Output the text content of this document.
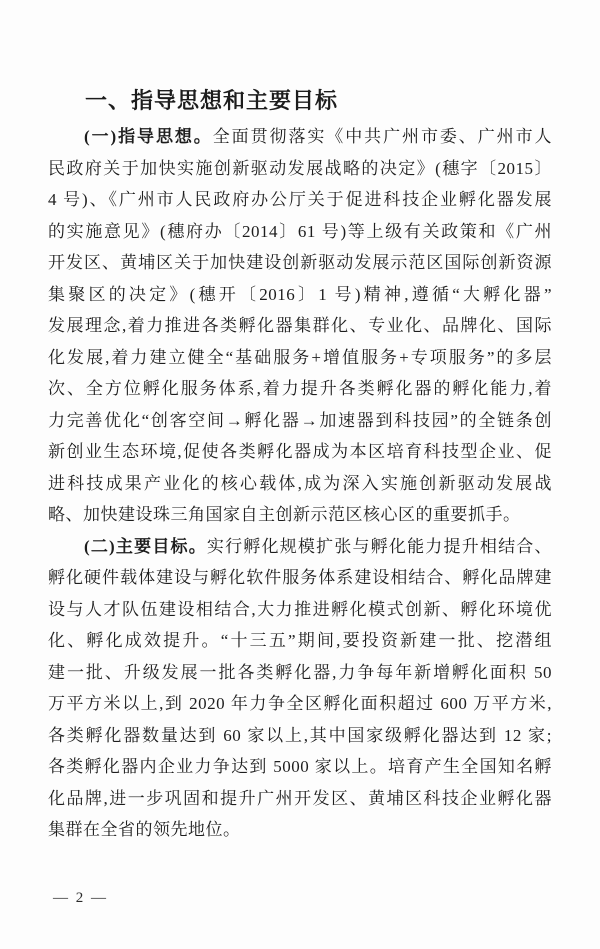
一、指导思想和主要目标
(一)指导思想。全面贯彻落实《中共广州市委、广州市人
民政府关于加快实施创新驱动发展战略的决定》(穗字〔2015〕
4 号)、《广州市人民政府办公厅关于促进科技企业孵化器发展
的实施意见》(穗府办〔2014〕61 号)等上级有关政策和《广州
开发区、黄埔区关于加快建设创新驱动发展示范区国际创新资源
集聚区的决定》(穗开〔2016〕1 号)精神,遵循“大孵化器”
发展理念,着力推进各类孵化器集群化、专业化、品牌化、国际
化发展,着力建立健全“基础服务+增值服务+专项服务”的多层
次、全方位孵化服务体系,着力提升各类孵化器的孵化能力,着
力完善优化“创客空间→孵化器→加速器到科技园”的全链条创
新创业生态环境,促使各类孵化器成为本区培育科技型企业、促
进科技成果产业化的核心载体,成为深入实施创新驱动发展战
略、加快建设珠三角国家自主创新示范区核心区的重要抓手。
(二)主要目标。实行孵化规模扩张与孵化能力提升相结合、
孵化硬件载体建设与孵化软件服务体系建设相结合、孵化品牌建
设与人才队伍建设相结合,大力推进孵化模式创新、孵化环境优
化、孵化成效提升。“十三五”期间,要投资新建一批、挖潜组
建一批、升级发展一批各类孵化器,力争每年新增孵化面积 50
万平方米以上,到 2020 年力争全区孵化面积超过 600 万平方米,
各类孵化器数量达到 60 家以上,其中国家级孵化器达到 12 家;
各类孵化器内企业力争达到 5000 家以上。培育产生全国知名孵
化品牌,进一步巩固和提升广州开发区、黄埔区科技企业孵化器
集群在全省的领先地位。
— 2 —
